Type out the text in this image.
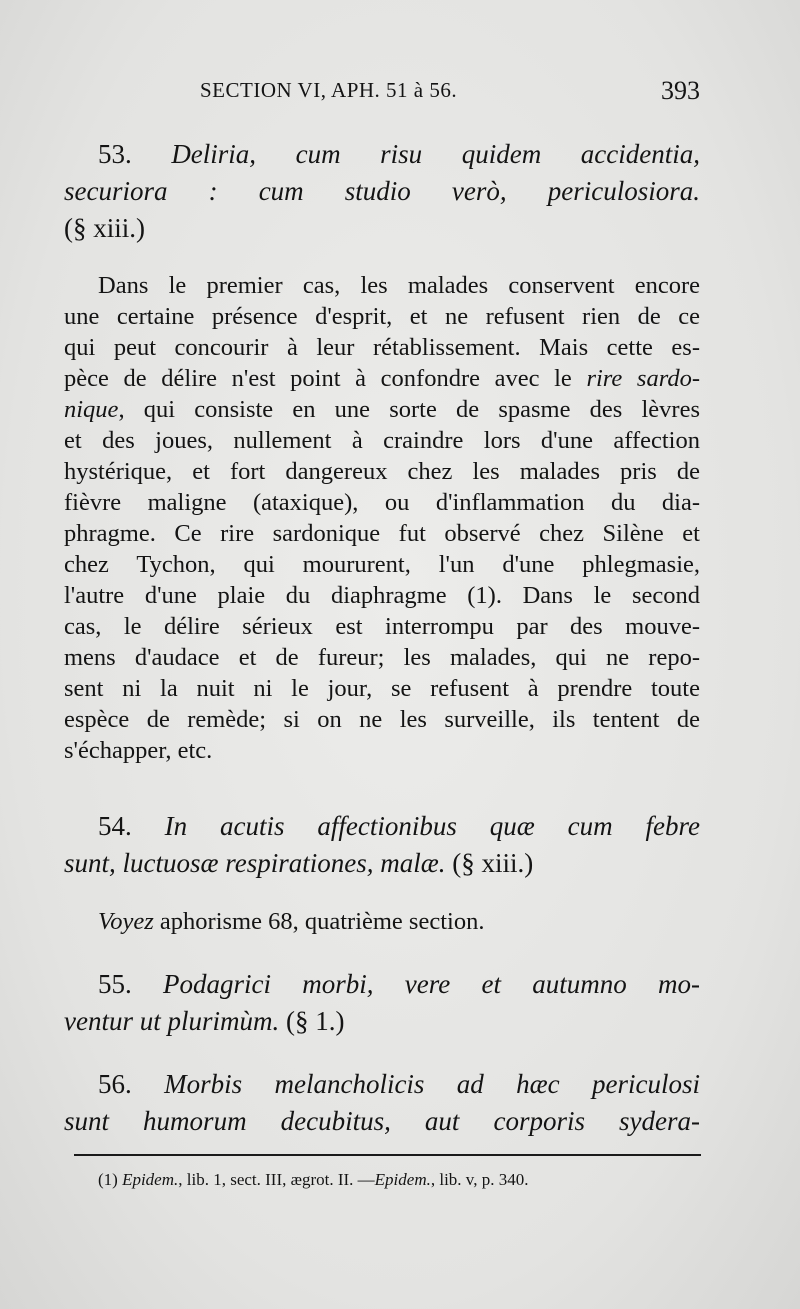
SECTION VI, APH. 51 à 56.	393
53. Deliria, cum risu quidem accidentia,
securiora : cum studio verò, periculosiora.
(§ xiii.)
Dans le premier cas, les malades conservent encore
une certaine présence d'esprit, et ne refusent rien de ce
qui peut concourir à leur rétablissement. Mais cette es-
pèce de délire n'est point à confondre avec le rire sardo-
nique, qui consiste en une sorte de spasme des lèvres
et des joues, nullement à craindre lors d'une affection
hystérique, et fort dangereux chez les malades pris de
fièvre maligne (ataxique), ou d'inflammation du dia-
phragme. Ce rire sardonique fut observé chez Silène et
chez Tychon, qui moururent, l'un d'une phlegmasie,
l'autre d'une plaie du diaphragme (1). Dans le second
cas, le délire sérieux est interrompu par des mouve-
mens d'audace et de fureur; les malades, qui ne repo-
sent ni la nuit ni le jour, se refusent à prendre toute
espèce de remède; si on ne les surveille, ils tentent de
s'échapper, etc.
54. In acutis affectionibus quæ cum febre
sunt, luctuosæ respirationes, malæ. (§ xiii.)
Voyez aphorisme 68, quatrième section.
55. Podagrici morbi, vere et autumno mo-
ventur ut plurimùm. (§ 1.)
56. Morbis melancholicis ad hæc periculosi
sunt humorum decubitus, aut corporis sydera-
(1) Epidem., lib. 1, sect. III, ægrot. II. —Epidem., lib. v, p. 340.
